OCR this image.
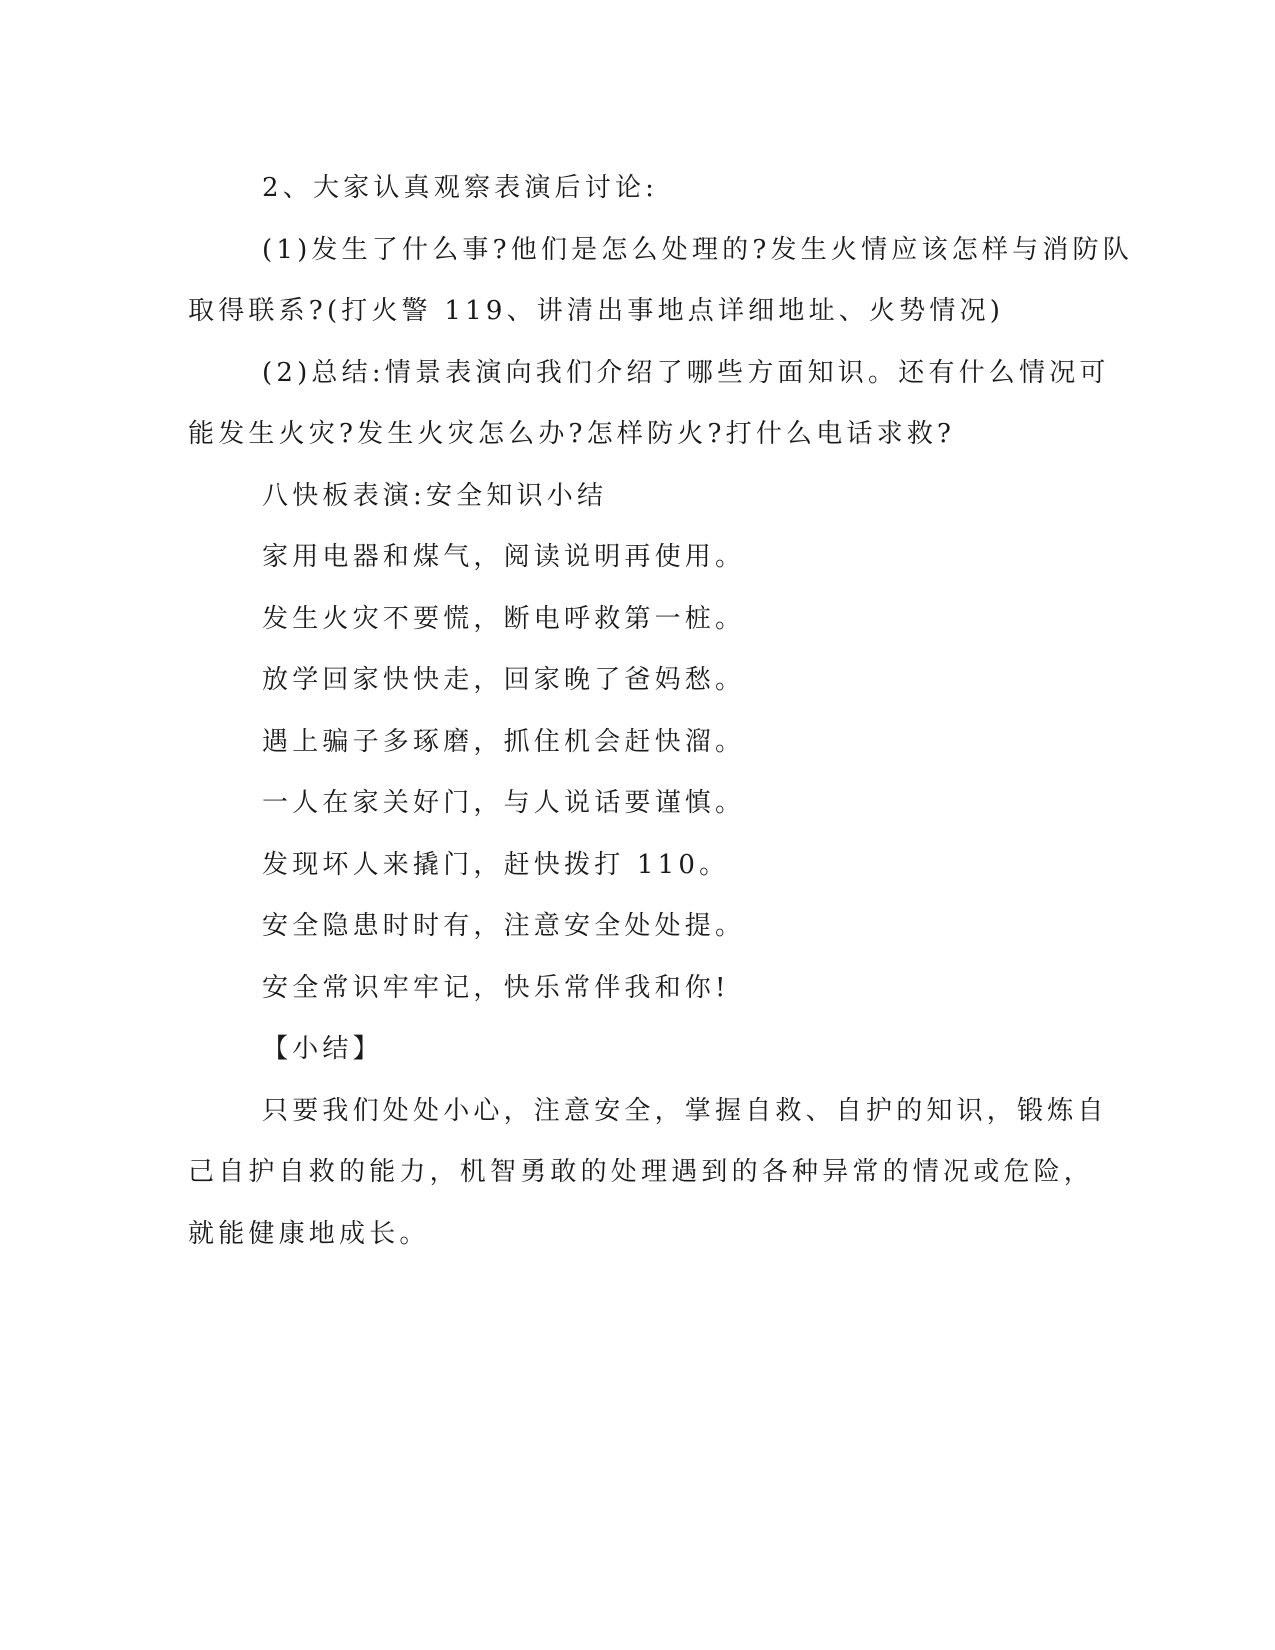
2、大家认真观察表演后讨论:

(1)发生了什么事?他们是怎么处理的?发生火情应该怎样与消防队

取得联系?(打火警 119、讲清出事地点详细地址、火势情况)

(2)总结:情景表演向我们介绍了哪些方面知识。还有什么情况可

能发生火灾?发生火灾怎么办?怎样防火?打什么电话求救?

八快板表演:安全知识小结

家用电器和煤气，阅读说明再使用。

发生火灾不要慌，断电呼救第一桩。

放学回家快快走，回家晚了爸妈愁。

遇上骗子多琢磨，抓住机会赶快溜。

一人在家关好门，与人说话要谨慎。

发现坏人来撬门，赶快拨打 110。

安全隐患时时有，注意安全处处提。

安全常识牢牢记，快乐常伴我和你!

【小结】

只要我们处处小心，注意安全，掌握自救、自护的知识，锻炼自

己自护自救的能力，机智勇敢的处理遇到的各种异常的情况或危险，

就能健康地成长。
